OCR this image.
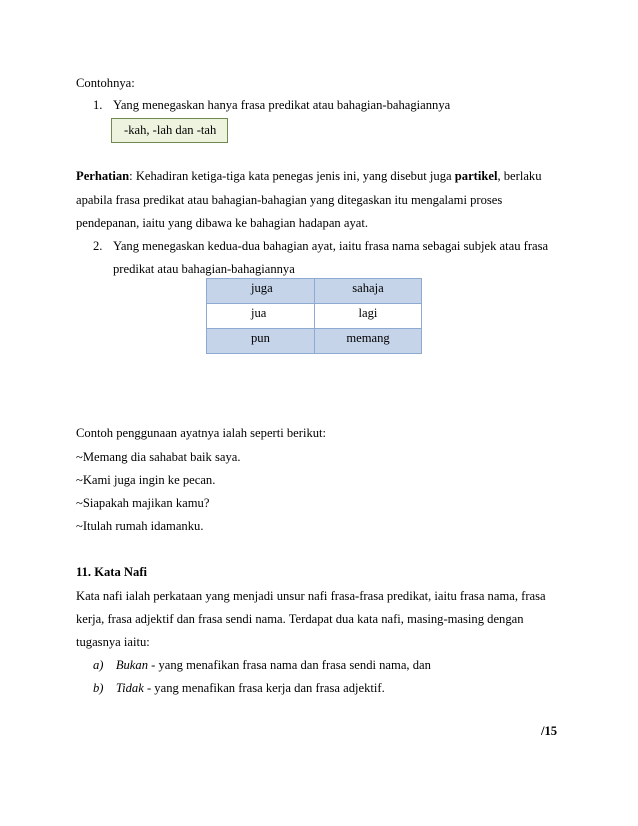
Contohnya:
1. Yang menegaskan hanya frasa predikat atau bahagian-bahagiannya
-kah, -lah dan -tah
Perhatian: Kehadiran ketiga-tiga kata penegas jenis ini, yang disebut juga partikel, berlaku
apabila frasa predikat atau bahagian-bahagian yang ditegaskan itu mengalami proses
pendepanan, iaitu yang dibawa ke bahagian hadapan ayat.
2. Yang menegaskan kedua-dua bahagian ayat, iaitu frasa nama sebagai subjek atau frasa
predikat atau bahagian-bahagiannya
juga	sahaja
jua	lagi
pun	memang
Contoh penggunaan ayatnya ialah seperti berikut:
~Memang dia sahabat baik saya.
~Kami juga ingin ke pecan.
~Siapakah majikan kamu?
~Itulah rumah idamanku.
11. Kata Nafi
Kata nafi ialah perkataan yang menjadi unsur nafi frasa-frasa predikat, iaitu frasa nama, frasa
kerja, frasa adjektif dan frasa sendi nama. Terdapat dua kata nafi, masing-masing dengan
tugasnya iaitu:
a) Bukan - yang menafikan frasa nama dan frasa sendi nama, dan
b) Tidak - yang menafikan frasa kerja dan frasa adjektif.
/15
